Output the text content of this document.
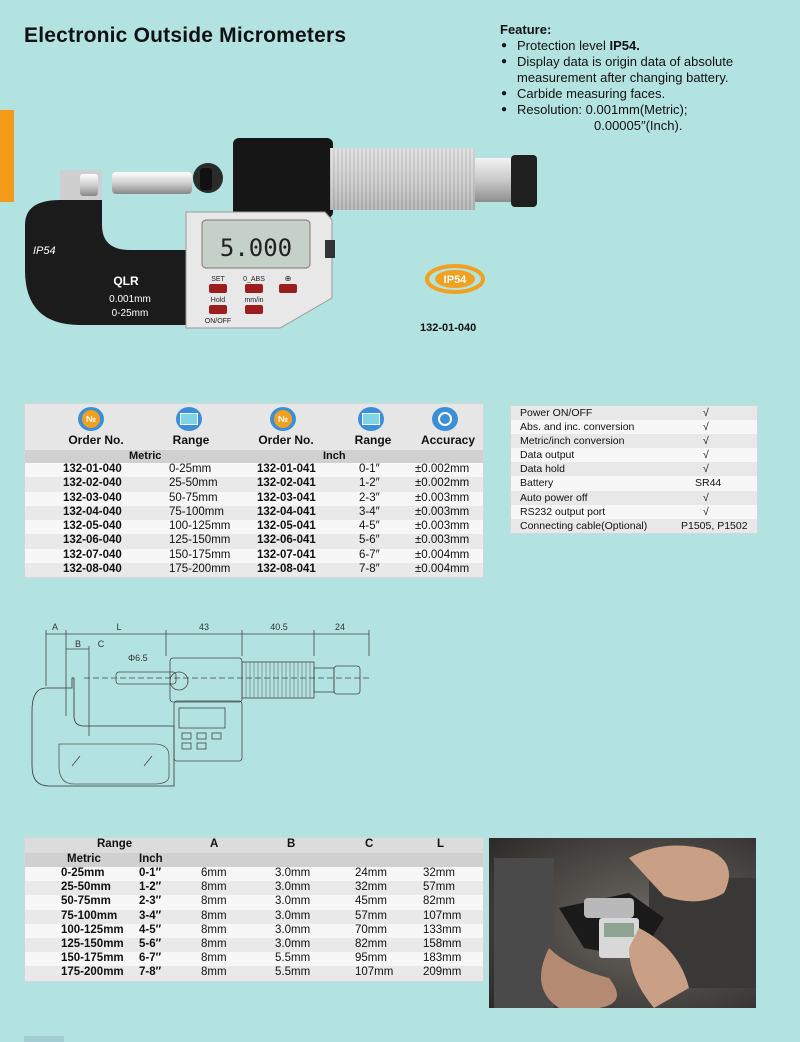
Electronic Outside Micrometers	Feature:
● Protection level IP54.
● Display data is origin data of absolute measurement after changing battery.
● Carbide measuring faces.
● Resolution: 0.001mm(Metric);
0.00005″(Inch).
5.000
SET	0_ABS ⊕
Hold	mm/in
ON/OFF
IP54
QLR
0.001mm
0-25mm
IP54
132-01-040
№	№
Order No.	Range	Order No.	Range	Accuracy
Metric	Inch
132-01-040	0-25mm	132-01-041	0-1″	±0.002mm
132-02-040	25-50mm	132-02-041	1-2″	±0.002mm
132-03-040	50-75mm	132-03-041	2-3″	±0.003mm
132-04-040	75-100mm	132-04-041	3-4″	±0.003mm
132-05-040	100-125mm 132-05-041	4-5″	±0.003mm
132-06-040	125-150mm 132-06-041	5-6″	±0.003mm
132-07-040	150-175mm 132-07-041	6-7″	±0.004mm
132-08-040	175-200mm 132-08-041	7-8″	±0.004mm
Power ON/OFF	√
Abs. and inc. conversion	√
Metric/inch conversion	√
Data output	√
Data hold	√
Battery	SR44
Auto power off	√
RS232 output port	√
Connecting cable(Optional)	P1505, P1502
A	L	43	40.5	24
B C
Φ6.5
Range	A	B	C	L
Metric	Inch
0-25mm	0-1″	6mm	3.0mm	24mm	32mm
25-50mm 1-2″	8mm	3.0mm	32mm	57mm
50-75mm 2-3″	8mm	3.0mm	45mm	82mm
75-100mm 3-4″	8mm	3.0mm	57mm	107mm
100-125mm 4-5″	8mm	3.0mm	70mm	133mm
125-150mm 5-6″	8mm	3.0mm	82mm	158mm
150-175mm 6-7″	8mm	5.5mm	95mm	183mm
175-200mm 7-8″	8mm	5.5mm	107mm	209mm
